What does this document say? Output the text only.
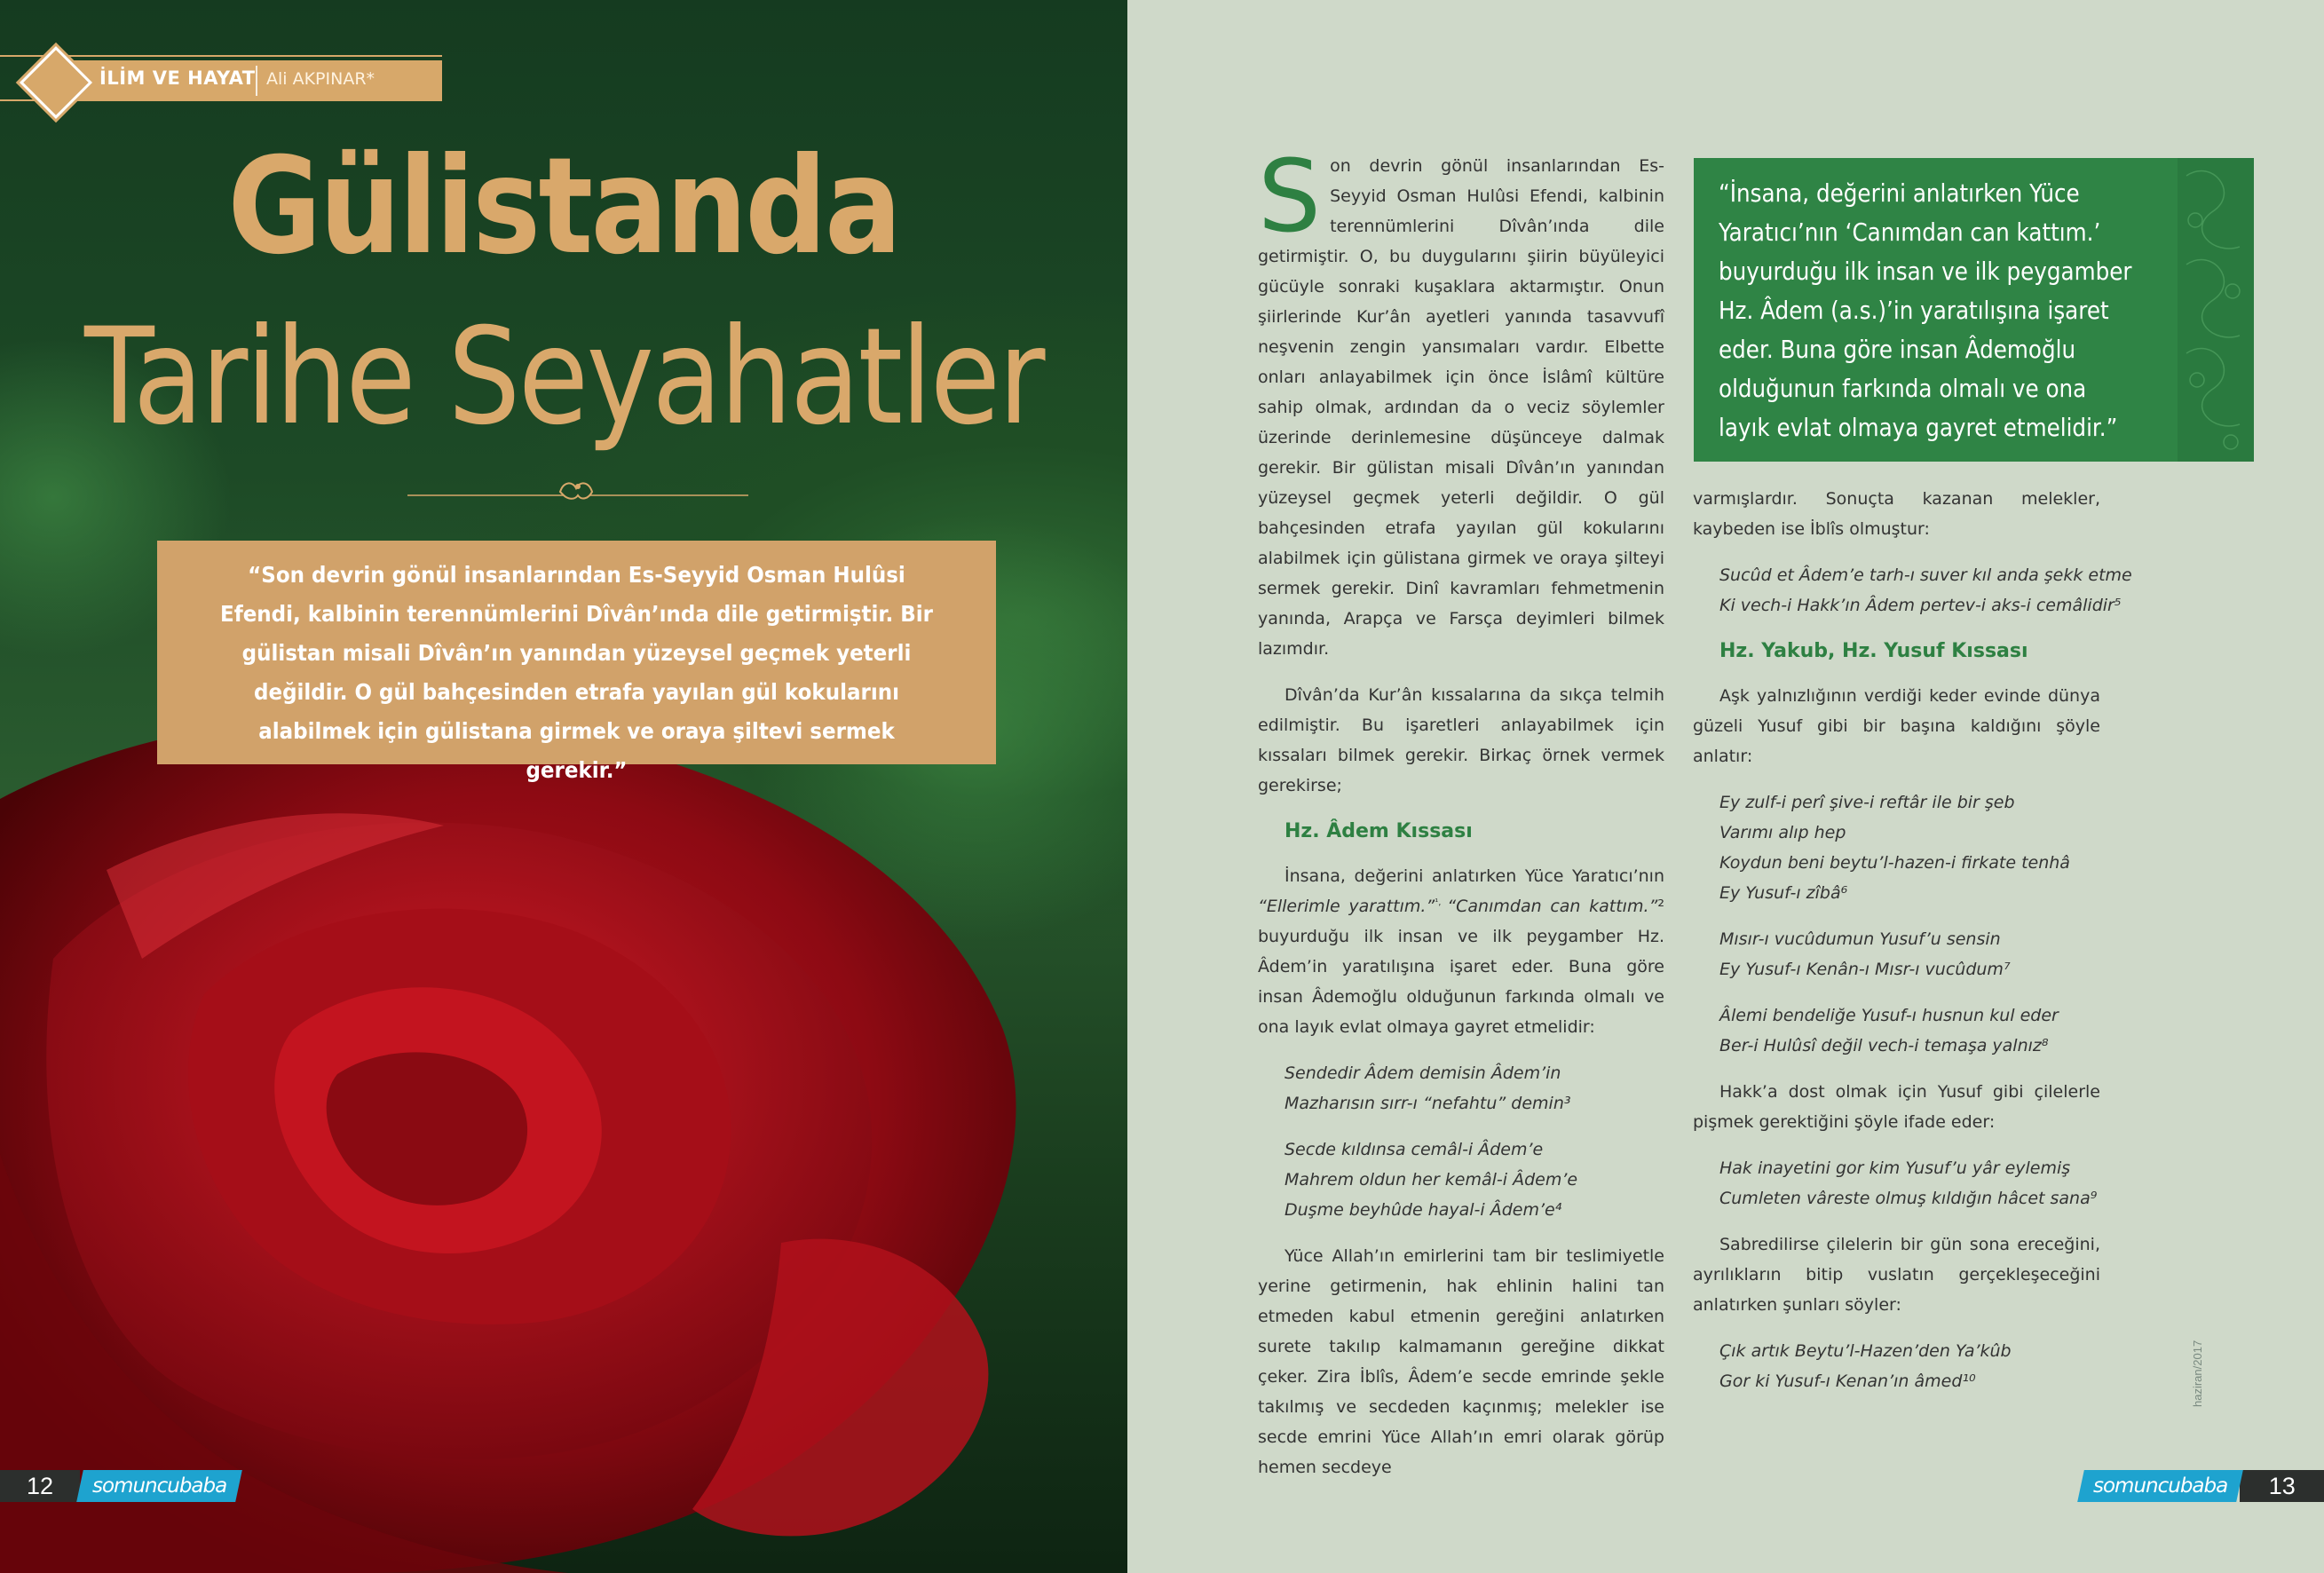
İLİM VE HAYAT Ali AKPINAR*
Gülistanda
Tarihe Seyahatler
“Son devrin gönül insanlarından Es-Seyyid Osman Hulûsi Efendi, kalbinin terennümlerini Dîvân’ında dile getirmiştir. Bir gülistan misali Dîvân’ın yanından yüzeysel geçmek yeterli değildir. O gül bahçesinden etrafa yayılan gül kokularını alabilmek için gülistana girmek ve oraya şiltevi sermek gerekir.”
12	somuncubaba

Son devrin gönül insanlarından Es-Seyyid Osman Hulûsi Efendi, kalbinin terennümlerini Dîvân’ında dile getirmiştir. O, bu duygularını şiirin büyüleyici gücüyle sonraki kuşaklara aktarmıştır. Onun şiirlerinde Kur’ân ayetleri yanında tasavvufî neşvenin zengin yansımaları vardır. Elbette onları anlayabilmek için önce İslâmî kültüre sahip olmak, ardından da o veciz söylemler üzerinde derinlemesine düşünceye dalmak gerekir. Bir gülistan misali Dîvân’ın yanından yüzeysel geçmek yeterli değildir. O gül bahçesinden etrafa yayılan gül kokularını alabilmek için gülistana girmek ve oraya şilteyi sermek gerekir. Dinî kavramları fehmetmenin yanında, Arapça ve Farsça deyimleri bilmek lazımdır.

Dîvân’da Kur’ân kıssalarına da sıkça telmih edilmiştir. Bu işaretleri anlayabilmek için kıssaları bilmek gerekir. Birkaç örnek vermek gerekirse;

Hz. Âdem Kıssası

İnsana, değerini anlatırken Yüce Yaratıcı’nın “Ellerimle yarattım.”$^{^1,}$ “Canımdan can kattım.”² buyurduğu ilk insan ve ilk peygamber Hz. Âdem’in yaratılışına işaret eder. Buna göre insan Âdemoğlu olduğunun farkında olmalı ve ona layık evlat olmaya gayret etmelidir:

Sendedir Âdem demisin Âdem’in
Mazharısın sırr-ı “nefahtu” demin³
Secde kıldınsa cemâl-i Âdem’e
Mahrem oldun her kemâl-i Âdem’e
Duşme beyhûde hayal-i Âdem’e⁴

Yüce Allah’ın emirlerini tam bir teslimiyetle yerine getirmenin, hak ehlinin halini tan etmeden kabul etmenin gereğini anlatırken surete takılıp kalmamanın gereğine dikkat çeker. Zira İblîs, Âdem’e secde emrinde şekle takılmış ve secdeden kaçınmış; melekler ise secde emrini Yüce Allah’ın emri olarak görüp hemen secdeye

“İnsana, değerini anlatırken Yüce
Yaratıcı’nın ‘Canımdan can kattım.’
buyurduğu ilk insan ve ilk peygamber
Hz. Âdem (a.s.)’in yaratılışına işaret
eder. Buna göre insan Âdemoğlu
olduğunun farkında olmalı ve ona
layık evlat olmaya gayret etmelidir.”

varmışlardır. Sonuçta kazanan melekler, kaybeden ise İblîs olmuştur:

Sucûd et Âdem’e tarh-ı suver kıl anda şekk etme
Ki vech-i Hakk’ın Âdem pertev-i aks-i cemâlidir⁵
Hz. Yakub, Hz. Yusuf Kıssası

Aşk yalnızlığının verdiği keder evinde dünya güzeli Yusuf gibi bir başına kaldığını şöyle anlatır:

Ey zulf-i perî şive-i reftâr ile bir şeb
Varımı alıp hep
Koydun beni beytu’l-hazen-i firkate tenhâ
Ey Yusuf-ı zîbâ⁶
Mısır-ı vucûdumun Yusuf’u sensin
Ey Yusuf-ı Kenân-ı Mısr-ı vucûdum⁷
Âlemi bendeliğe Yusuf-ı husnun kul eder
Ber-i Hulûsî değil vech-i temaşa yalnız⁸

Hakk’a dost olmak için Yusuf gibi çilelerle pişmek gerektiğini şöyle ifade eder:

Hak inayetini gor kim Yusuf’u yâr eylemiş
Cumleten vâreste olmuş kıldığın hâcet sana⁹

Sabredilirse çilelerin bir gün sona ereceğini, ayrılıkların bitip vuslatın gerçekleşeceğini anlatırken şunları söyler:

Çık artık Beytu’l-Hazen’den Ya’kûb
Gor ki Yusuf-ı Kenan’ın âmed¹⁰	haziran/2017
somuncubaba	13
